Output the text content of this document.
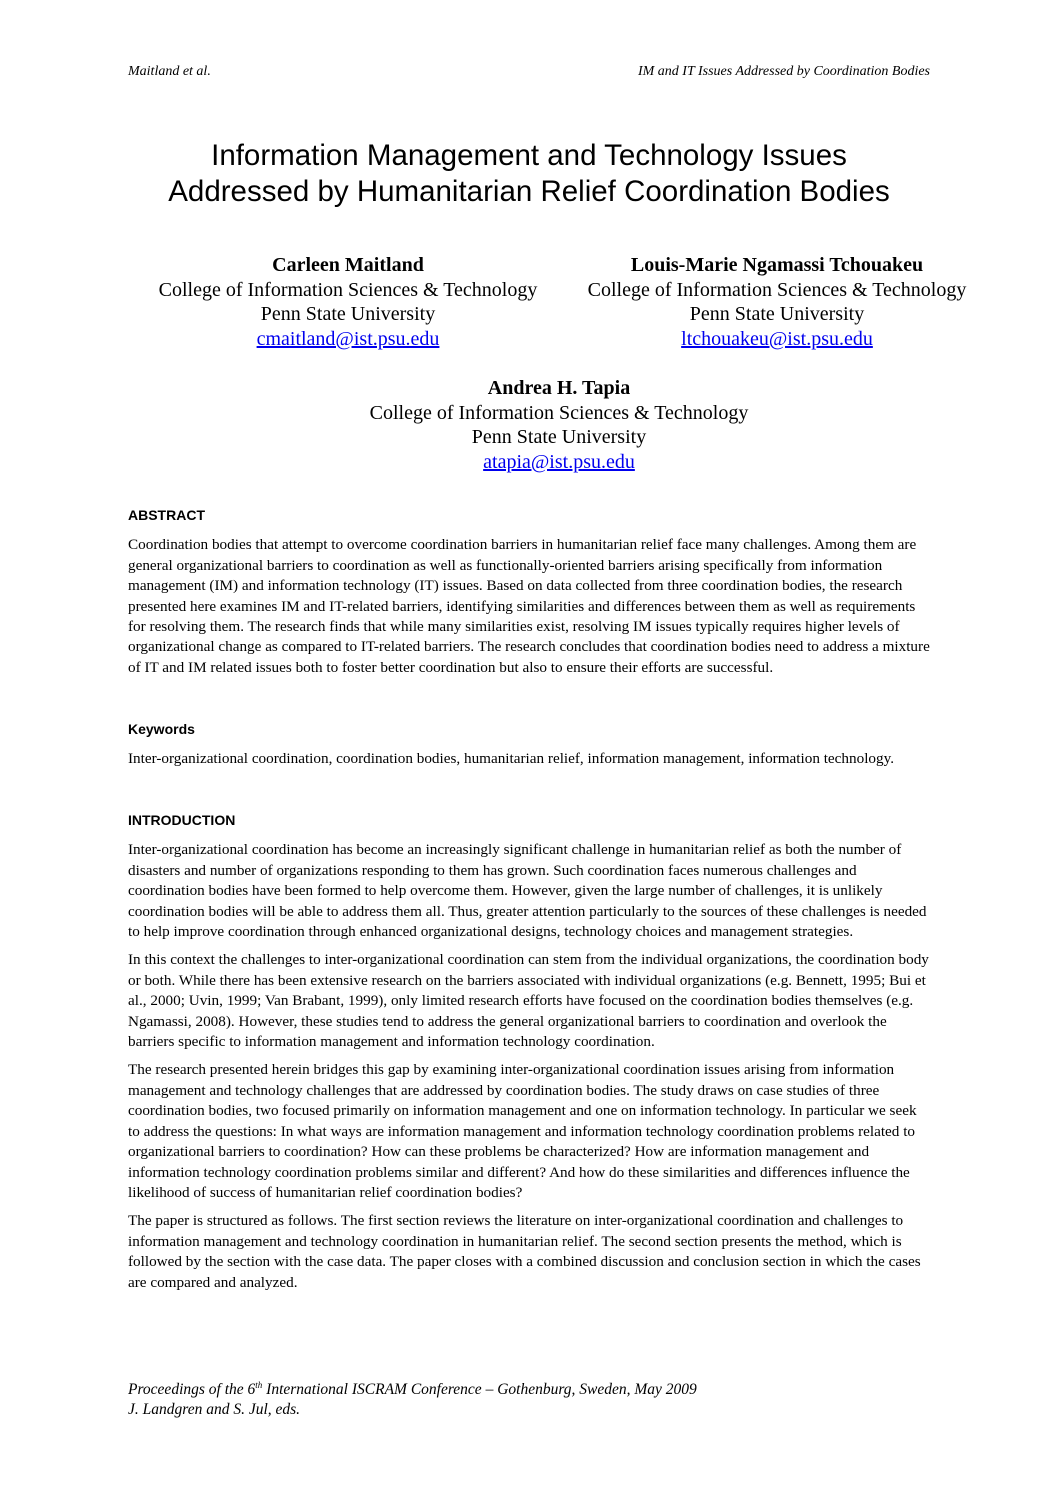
Maitland et al.	IM and IT Issues Addressed by Coordination Bodies
Information Management and Technology Issues
Addressed by Humanitarian Relief Coordination Bodies
Carleen Maitland
College of Information Sciences & Technology
Penn State University
cmaitland@ist.psu.edu
Louis-Marie Ngamassi Tchouakeu
College of Information Sciences & Technology
Penn State University
ltchouakeu@ist.psu.edu
Andrea H. Tapia
College of Information Sciences & Technology
Penn State University
atapia@ist.psu.edu
ABSTRACT

Coordination bodies that attempt to overcome coordination barriers in humanitarian relief face many challenges. Among them are general organizational barriers to coordination as well as functionally-oriented barriers arising specifically from information management (IM) and information technology (IT) issues. Based on data collected from three coordination bodies, the research presented here examines IM and IT-related barriers, identifying similarities and differences between them as well as requirements for resolving them. The research finds that while many similarities exist, resolving IM issues typically requires higher levels of organizational change as compared to IT-related barriers. The research concludes that coordination bodies need to address a mixture of IT and IM related issues both to foster better coordination but also to ensure their efforts are successful.

Keywords

Inter-organizational coordination, coordination bodies, humanitarian relief, information management, information technology.

INTRODUCTION

Inter-organizational coordination has become an increasingly significant challenge in humanitarian relief as both the number of disasters and number of organizations responding to them has grown. Such coordination faces numerous challenges and coordination bodies have been formed to help overcome them. However, given the large number of challenges, it is unlikely coordination bodies will be able to address them all. Thus, greater attention particularly to the sources of these challenges is needed to help improve coordination through enhanced organizational designs, technology choices and management strategies.

In this context the challenges to inter-organizational coordination can stem from the individual organizations, the coordination body or both. While there has been extensive research on the barriers associated with individual organizations (e.g. Bennett, 1995; Bui et al., 2000; Uvin, 1999; Van Brabant, 1999), only limited research efforts have focused on the coordination bodies themselves (e.g. Ngamassi, 2008). However, these studies tend to address the general organizational barriers to coordination and overlook the barriers specific to information management and information technology coordination.

The research presented herein bridges this gap by examining inter-organizational coordination issues arising from information management and technology challenges that are addressed by coordination bodies. The study draws on case studies of three coordination bodies, two focused primarily on information management and one on information technology. In particular we seek to address the questions: In what ways are information management and information technology coordination problems related to organizational barriers to coordination? How can these problems be characterized? How are information management and information technology coordination problems similar and different? And how do these similarities and differences influence the likelihood of success of humanitarian relief coordination bodies?

The paper is structured as follows. The first section reviews the literature on inter-organizational coordination and challenges to information management and technology coordination in humanitarian relief. The second section presents the method, which is followed by the section with the case data. The paper closes with a combined discussion and conclusion section in which the cases are compared and analyzed.

Proceedings of the 6th International ISCRAM Conference – Gothenburg, Sweden, May 2009
J. Landgren and S. Jul, eds.
